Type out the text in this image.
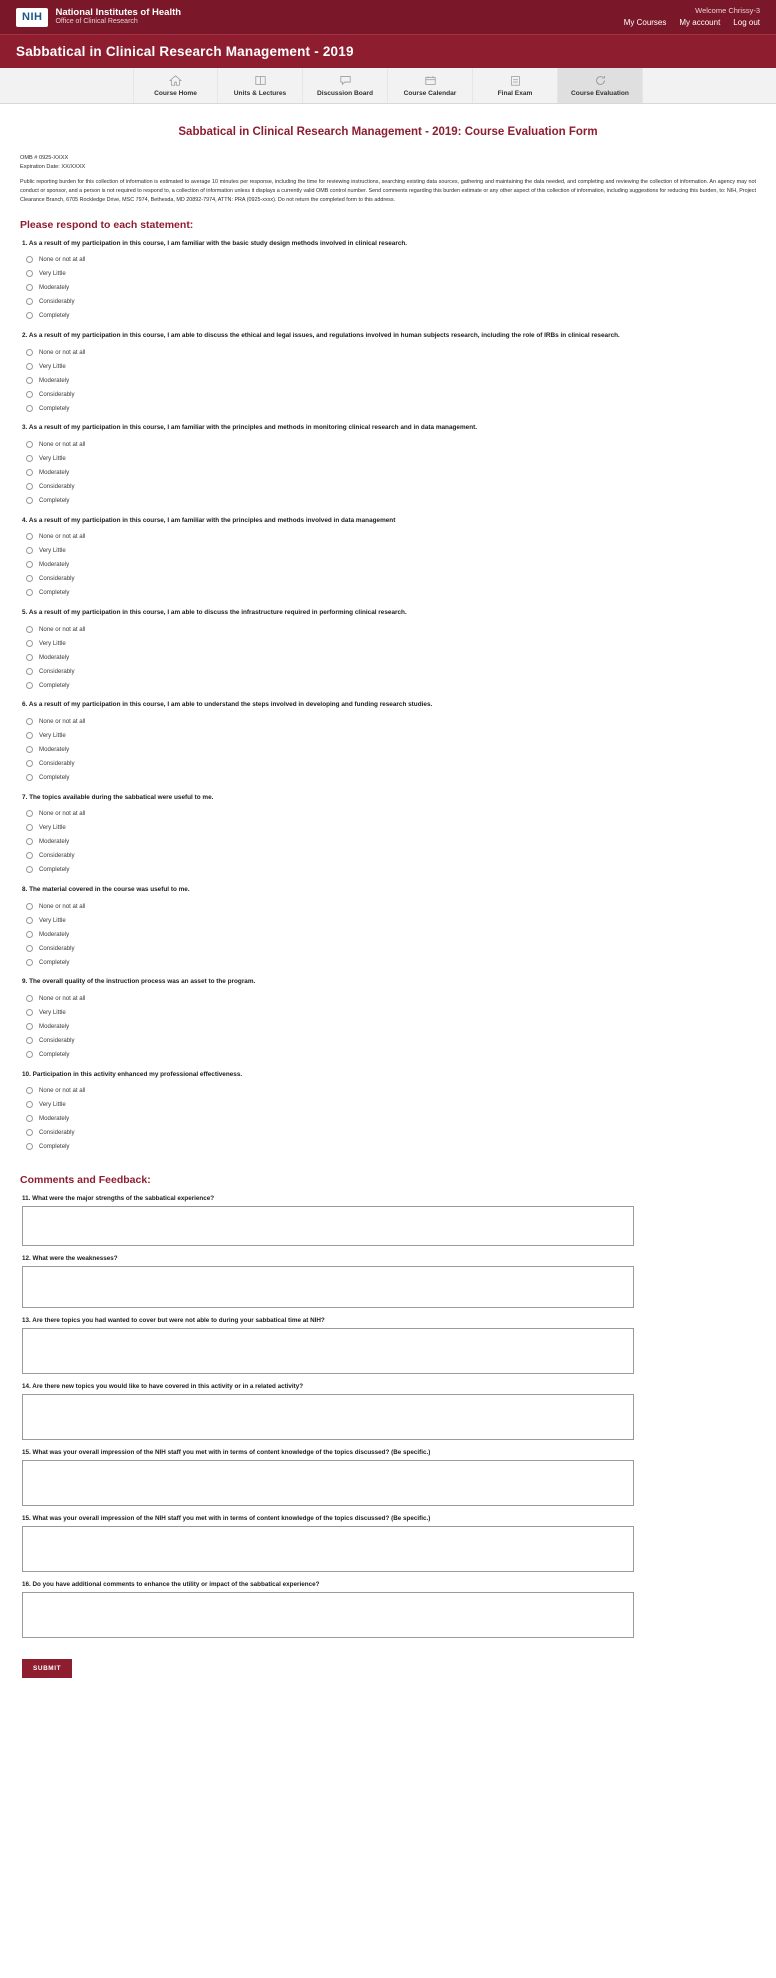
NIH	National Institutes of Health
Office of Clinical Research
Welcome Chrissy-3
My Courses My account Log out
Sabbatical in Clinical Research Management - 2019
Course Home	Units & Lectures	Discussion Board	Course Calendar	Final Exam	Course Evaluation
Sabbatical in Clinical Research Management - 2019: Course Evaluation Form
OMB # 0925-XXXX
Expiration Date: XX/XXXX

Public reporting burden for this collection of information is estimated to average 10 minutes per response, including the time for reviewing instructions, searching existing data sources, gathering and maintaining the data needed, and completing and reviewing the collection of information. An agency may not conduct or sponsor, and a person is not required to respond to, a collection of information unless it displays a currently valid OMB control number. Send comments regarding this burden estimate or any other aspect of this collection of information, including suggestions for reducing this burden, to: NIH, Project Clearance Branch, 6705 Rockledge Drive, MSC 7974, Bethesda, MD 20892-7974, ATTN: PRA (0925-xxxx). Do not return the completed form to this address.

Please respond to each statement:
1. As a result of my participation in this course, I am familiar with the basic study design methods involved in clinical research.
None or not at all
Very Little
Moderately
Considerably
Completely
2. As a result of my participation in this course, I am able to discuss the ethical and legal issues, and regulations involved in human subjects research, including the role of IRBs in clinical research.
None or not at all
Very Little
Moderately
Considerably
Completely
3. As a result of my participation in this course, I am familiar with the principles and methods in monitoring clinical research and in data management.
None or not at all
Very Little
Moderately
Considerably
Completely
4. As a result of my participation in this course, I am familiar with the principles and methods involved in data management
None or not at all
Very Little
Moderately
Considerably
Completely
5. As a result of my participation in this course, I am able to discuss the infrastructure required in performing clinical research.
None or not at all
Very Little
Moderately
Considerably
Completely
6. As a result of my participation in this course, I am able to understand the steps involved in developing and funding research studies.
None or not at all
Very Little
Moderately
Considerably
Completely
7. The topics available during the sabbatical were useful to me.
None or not at all
Very Little
Moderately
Considerably
Completely
8. The material covered in the course was useful to me.
None or not at all
Very Little
Moderately
Considerably
Completely
9. The overall quality of the instruction process was an asset to the program.
None or not at all
Very Little
Moderately
Considerably
Completely
10. Participation in this activity enhanced my professional effectiveness.
None or not at all
Very Little
Moderately
Considerably
Completely
Comments and Feedback:
11. What were the major strengths of the sabbatical experience?
12. What were the weaknesses?
13. Are there topics you had wanted to cover but were not able to during your sabbatical time at NIH?
14. Are there new topics you would like to have covered in this activity or in a related activity?
15. What was your overall impression of the NIH staff you met with in terms of content knowledge of the topics discussed? (Be specific.)
15. What was your overall impression of the NIH staff you met with in terms of content knowledge of the topics discussed? (Be specific.)
16. Do you have additional comments to enhance the utility or impact of the sabbatical experience?
SUBMIT
